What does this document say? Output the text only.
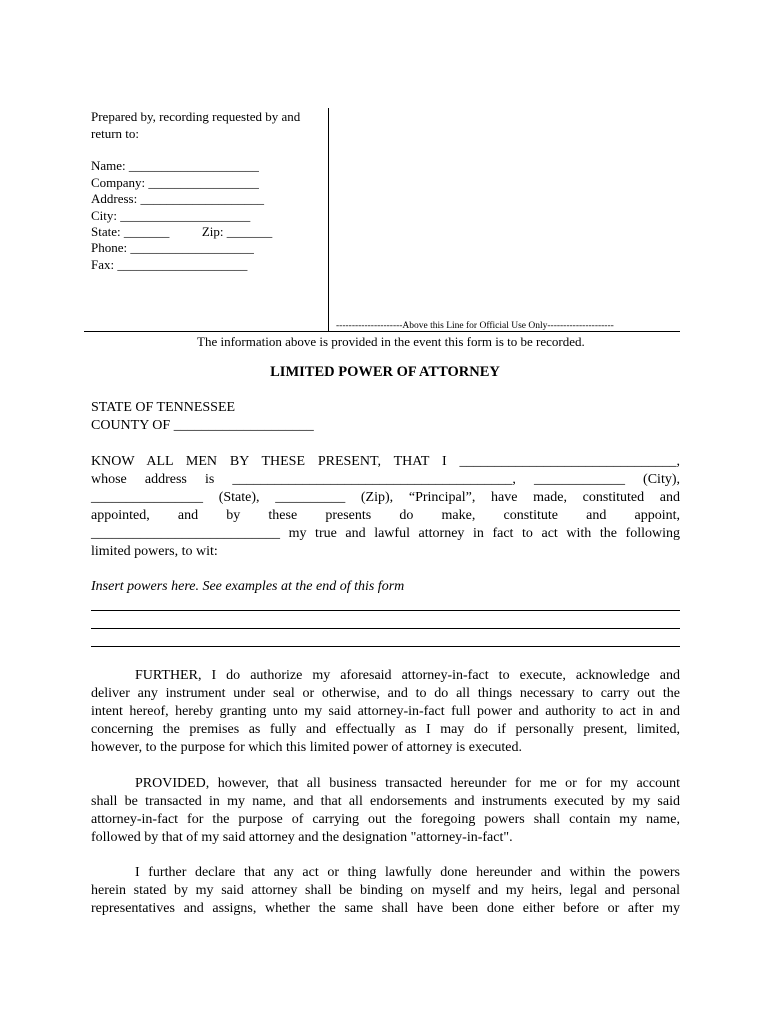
Prepared by, recording requested by and
return to:
Name: ____________________
Company: _________________
Address: ___________________
City: ____________________
State: _______          Zip: _______
Phone: ___________________
Fax: ____________________
---------------------Above this Line for Official Use Only---------------------
The information above is provided in the event this form is to be recorded.
LIMITED POWER OF ATTORNEY
STATE OF TENNESSEE
COUNTY OF ____________________
KNOW ALL MEN BY THESE PRESENT, THAT I _______________________________,
whose address is ________________________________________, _____________ (City),
________________ (State), __________ (Zip), “Principal”, have made, constituted and
appointed, and by these presents do make, constitute and appoint,
___________________________ my true and lawful attorney in fact to act with the following
limited powers, to wit:
Insert powers here. See examples at the end of this form
FURTHER, I do authorize my aforesaid attorney-in-fact to execute, acknowledge and
deliver any instrument under seal or otherwise, and to do all things necessary to carry out the
intent hereof, hereby granting unto my said attorney-in-fact full power and authority to act in and
concerning the premises as fully and effectually as I may do if personally present, limited,
however, to the purpose for which this limited power of attorney is executed.
PROVIDED, however, that all business transacted hereunder for me or for my account
shall be transacted in my name, and that all endorsements and instruments executed by my said
attorney-in-fact for the purpose of carrying out the foregoing powers shall contain my name,
followed by that of my said attorney and the designation "attorney-in-fact".
I further declare that any act or thing lawfully done hereunder and within the powers
herein stated by my said attorney shall be binding on myself and my heirs, legal and personal
representatives and assigns, whether the same shall have been done either before or after my
